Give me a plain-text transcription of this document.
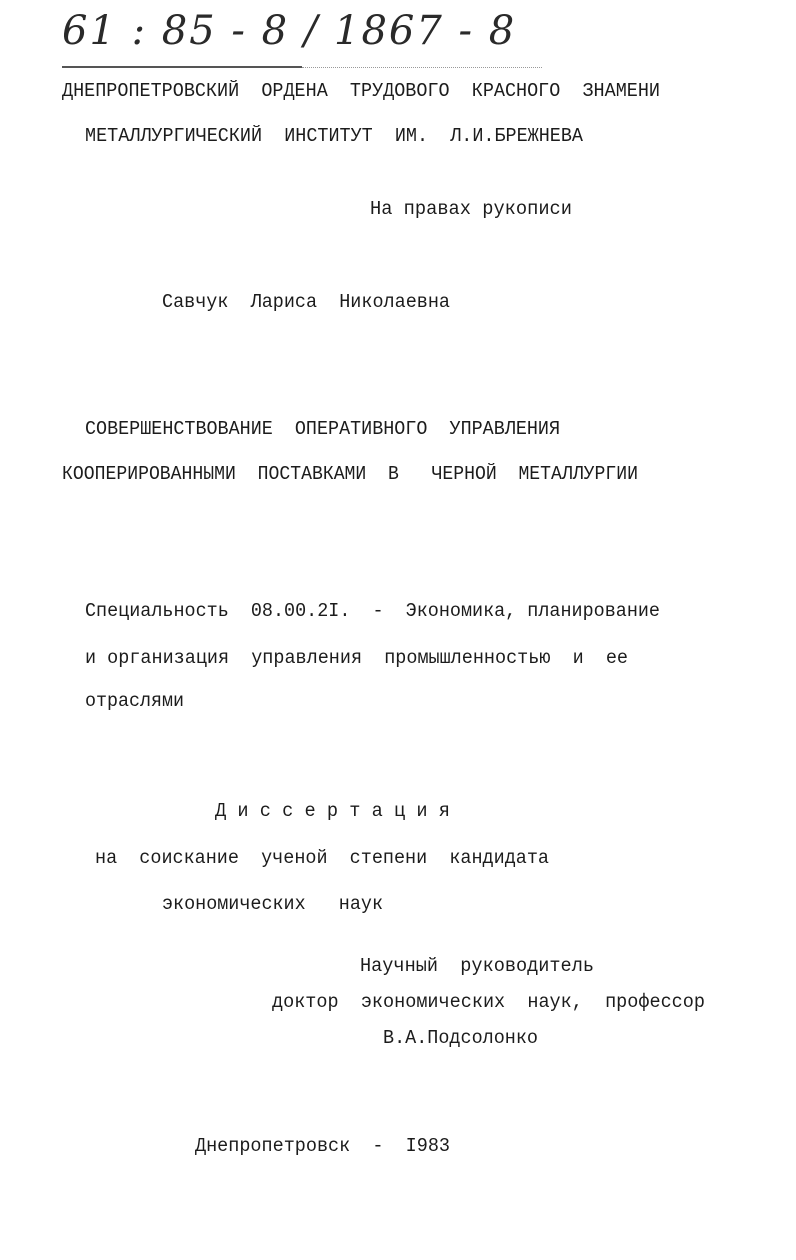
61 : 85 - 8 / 1867 - 8
ДНЕПРОПЕТРОВСКИЙ  ОРДЕНА  ТРУДОВОГО  КРАСНОГО  ЗНАМЕНИ
МЕТАЛЛУРГИЧЕСКИЙ  ИНСТИТУТ  ИМ.  Л.И.БРЕЖНЕВА
На правах рукописи
Савчук  Лариса  Николаевна
СОВЕРШЕНСТВОВАНИЕ  ОПЕРАТИВНОГО  УПРАВЛЕНИЯ
КООПЕРИРОВАННЫМИ  ПОСТАВКАМИ  В   ЧЕРНОЙ  МЕТАЛЛУРГИИ
Специальность  08.00.2I.  -  Экономика, планирование
и организация  управления  промышленностью  и  ее
отраслями
Д и с с е р т а ц и я
на  соискание  ученой  степени  кандидата
экономических   наук
Научный  руководитель
доктор  экономических  наук,  профессор
В.А.Подсолонко
Днепропетровск  -  I983
